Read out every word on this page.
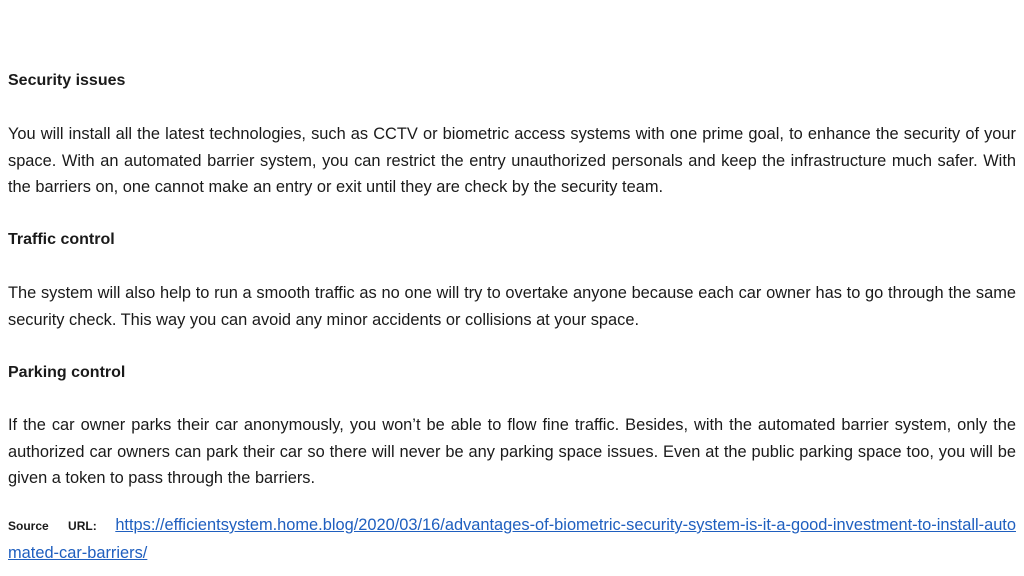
Security issues

You will install all the latest technologies, such as CCTV or biometric access systems with one prime goal, to enhance the security of your space. With an automated barrier system, you can restrict the entry unauthorized personals and keep the infrastructure much safer. With the barriers on, one cannot make an entry or exit until they are check by the security team.

Traffic control

The system will also help to run a smooth traffic as no one will try to overtake anyone because each car owner has to go through the same security check. This way you can avoid any minor accidents or collisions at your space.

Parking control

If the car owner parks their car anonymously, you won’t be able to flow fine traffic. Besides, with the automated barrier system, only the authorized car owners can park their car so there will never be any parking space issues. Even at the public parking space too, you will be given a token to pass through the barriers.

Source URL: https://efficientsystem.home.blog/2020/03/16/advantages-of-biometric-security-system-is-it-a-good-investment-to-install-automated-car-barriers/
